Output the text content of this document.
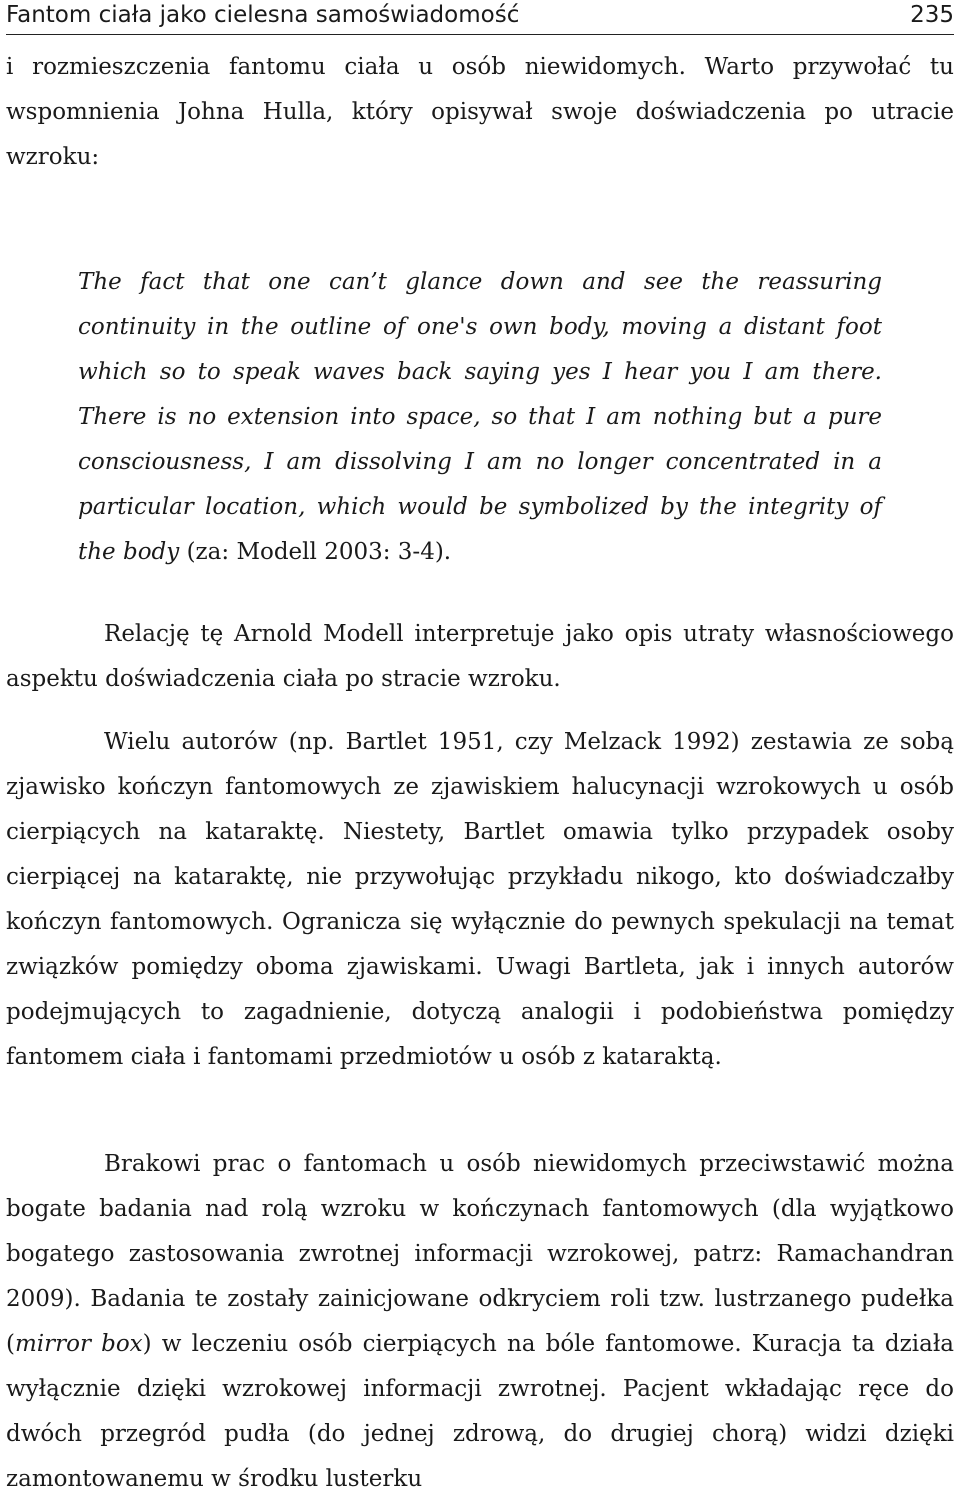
Fantom ciała jako cielesna samoświadomość	235

i rozmieszczenia fantomu ciała u osób niewidomych. Warto przywołać tu wspomnienia Johna Hulla, który opisywał swoje doświadczenia po utracie wzroku:

The fact that one can’t glance down and see the reassuring continuity in the outline of one's own body, moving a distant foot which so to speak waves back saying yes I hear you I am there. There is no extension into space, so that I am nothing but a pure consciousness, I am dissolving I am no longer concentrated in a particular location, which would be symbolized by the integrity of the body (za: Modell 2003: 3-4).

Relację tę Arnold Modell interpretuje jako opis utraty własnościowego aspektu doświadczenia ciała po stracie wzroku.

Wielu autorów (np. Bartlet 1951, czy Melzack 1992) zestawia ze sobą zjawisko kończyn fantomowych ze zjawiskiem halucynacji wzrokowych u osób cierpiących na kataraktę. Niestety, Bartlet omawia tylko przypadek osoby cierpiącej na kataraktę, nie przywołując przykładu nikogo, kto doświadczałby kończyn fantomowych. Ogranicza się wyłącznie do pewnych spekulacji na temat związków pomiędzy oboma zjawiskami. Uwagi Bartleta, jak i innych autorów podejmujących to zagadnienie, dotyczą analogii i podobieństwa pomiędzy fantomem ciała i fantomami przedmiotów u osób z kataraktą.

Brakowi prac o fantomach u osób niewidomych przeciwstawić można bogate badania nad rolą wzroku w kończynach fantomowych (dla wyjątkowo bogatego zastosowania zwrotnej informacji wzrokowej, patrz: Ramachandran 2009). Badania te zostały zainicjowane odkryciem roli tzw. lustrzanego pudełka (mirror box) w leczeniu osób cierpiących na bóle fantomowe. Kuracja ta działa wyłącznie dzięki wzrokowej informacji zwrotnej. Pacjent wkładając ręce do dwóch przegród pudła (do jednej zdrową, do drugiej chorą) widzi dzięki zamontowanemu w środku lusterku
